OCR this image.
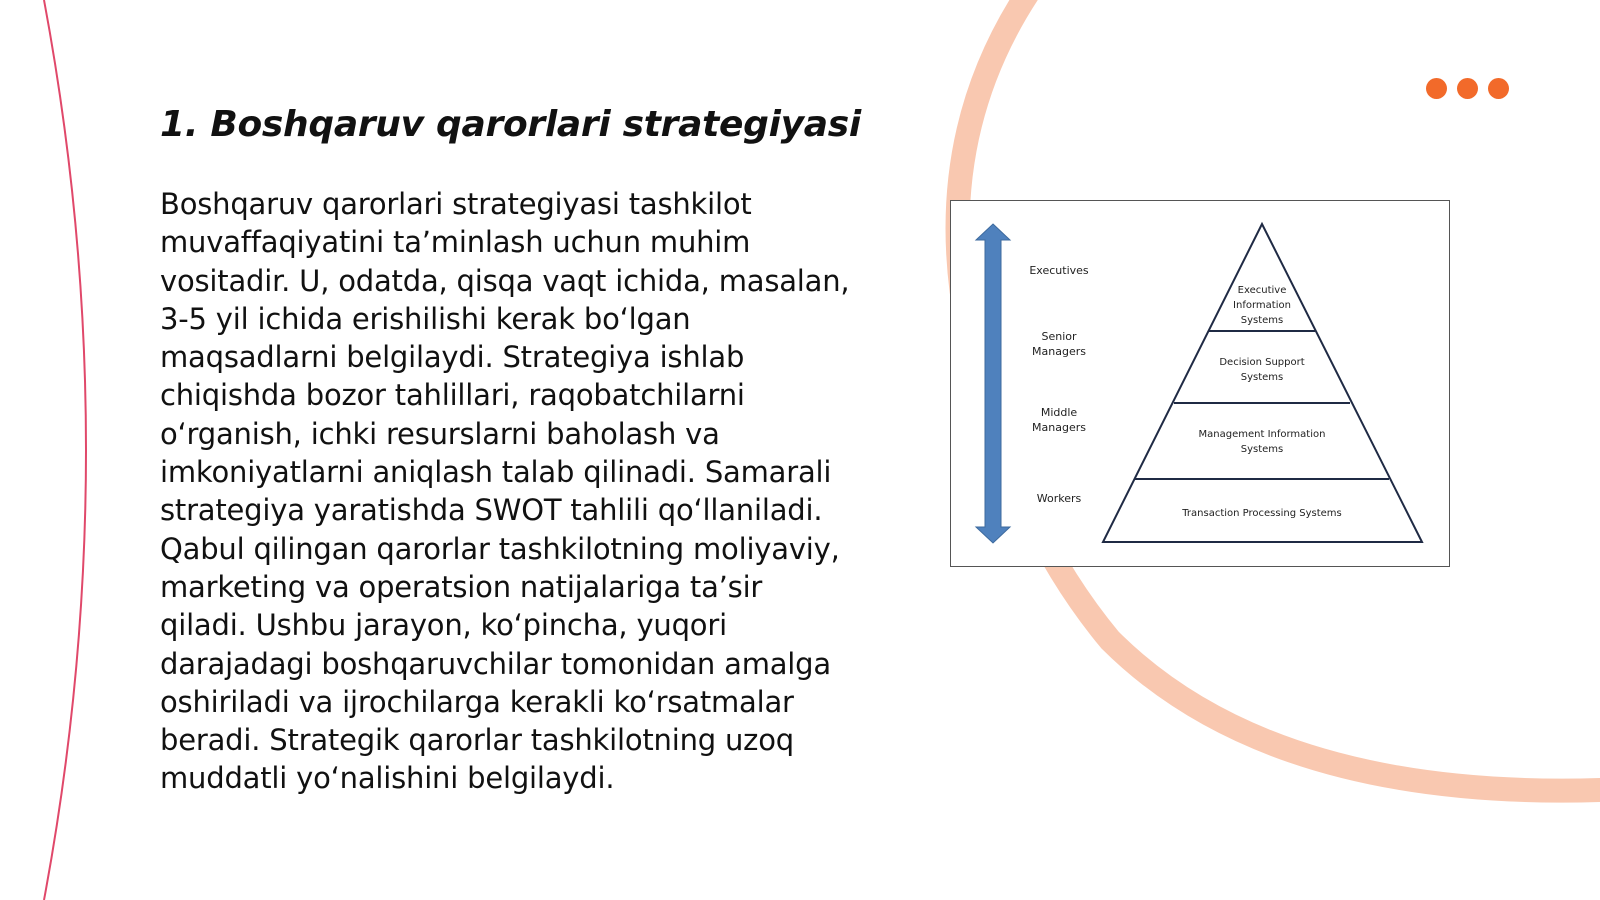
1. Boshqaruv qarorlari strategiyasi

Boshqaruv qarorlari strategiyasi tashkilot muvaffaqiyatini ta’minlash uchun muhim vositadir. U, odatda, qisqa vaqt ichida, masalan, 3-5 yil ichida erishilishi kerak bo‘lgan maqsadlarni belgilaydi. Strategiya ishlab chiqishda bozor tahlillari, raqobatchilarni o‘rganish, ichki resurslarni baholash va imkoniyatlarni aniqlash talab qilinadi. Samarali strategiya yaratishda SWOT tahlili qo‘llaniladi. Qabul qilingan qarorlar tashkilotning moliyaviy, marketing va operatsion natijalariga ta’sir qiladi. Ushbu jarayon, ko‘pincha, yuqori darajadagi boshqaruvchilar tomonidan amalga oshiriladi va ijrochilarga kerakli ko‘rsatmalar beradi. Strategik qarorlar tashkilotning uzoq muddatli yo‘nalishini belgilaydi.

Executives
Senior
Managers
Middle
Managers
Workers
Executive
Information
Systems
Decision Support
Systems
Management Information
Systems
Transaction Processing Systems
